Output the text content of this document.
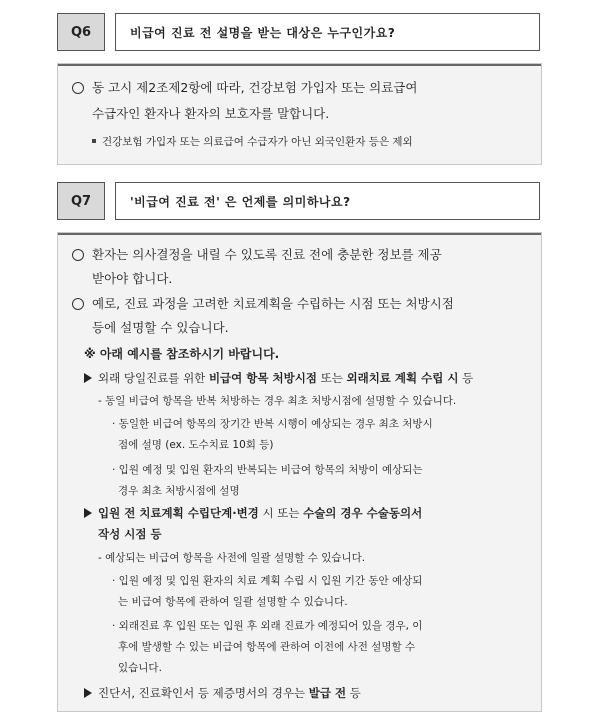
Q6	비급여 진료 전 설명을 받는 대상은 누구인가요?
동 고시 제2조제2항에 따라, 건강보험 가입자 또는 의료급여
수급자인 환자나 환자의 보호자를 말합니다.
건강보험 가입자 또는 의료급여 수급자가 아닌 외국인환자 등은 제외
Q7	'비급여 진료 전' 은 언제를 의미하나요?
환자는 의사결정을 내릴 수 있도록 진료 전에 충분한 정보를 제공
받아야 합니다.
예로, 진료 과정을 고려한 치료계획을 수립하는 시점 또는 처방시점
등에 설명할 수 있습니다.
※ 아래 예시를 참조하시기 바랍니다.
외래 당일진료를 위한 비급여 항목 처방시점 또는 외래치료 계획 수립 시 등
- 동일 비급여 항목을 반복 처방하는 경우 최초 처방시점에 설명할 수 있습니다.
· 동일한 비급여 항목의 장기간 반복 시행이 예상되는 경우 최초 처방시
점에 설명 (ex. 도수치료 10회 등)
· 입원 예정 및 입원 환자의 반복되는 비급여 항목의 처방이 예상되는
경우 최초 처방시점에 설명
입원 전 치료계획 수립단계·변경 시 또는 수술의 경우 수술동의서
작성 시점 등
- 예상되는 비급여 항목을 사전에 일괄 설명할 수 있습니다.
· 입원 예정 및 입원 환자의 치료 계획 수립 시 입원 기간 동안 예상되
는 비급여 항목에 관하여 일괄 설명할 수 있습니다.
· 외래진료 후 입원 또는 입원 후 외래 진료가 예정되어 있을 경우, 이
후에 발생할 수 있는 비급여 항목에 관하여 이전에 사전 설명할 수
있습니다.
진단서, 진료확인서 등 제증명서의 경우는 발급 전 등
